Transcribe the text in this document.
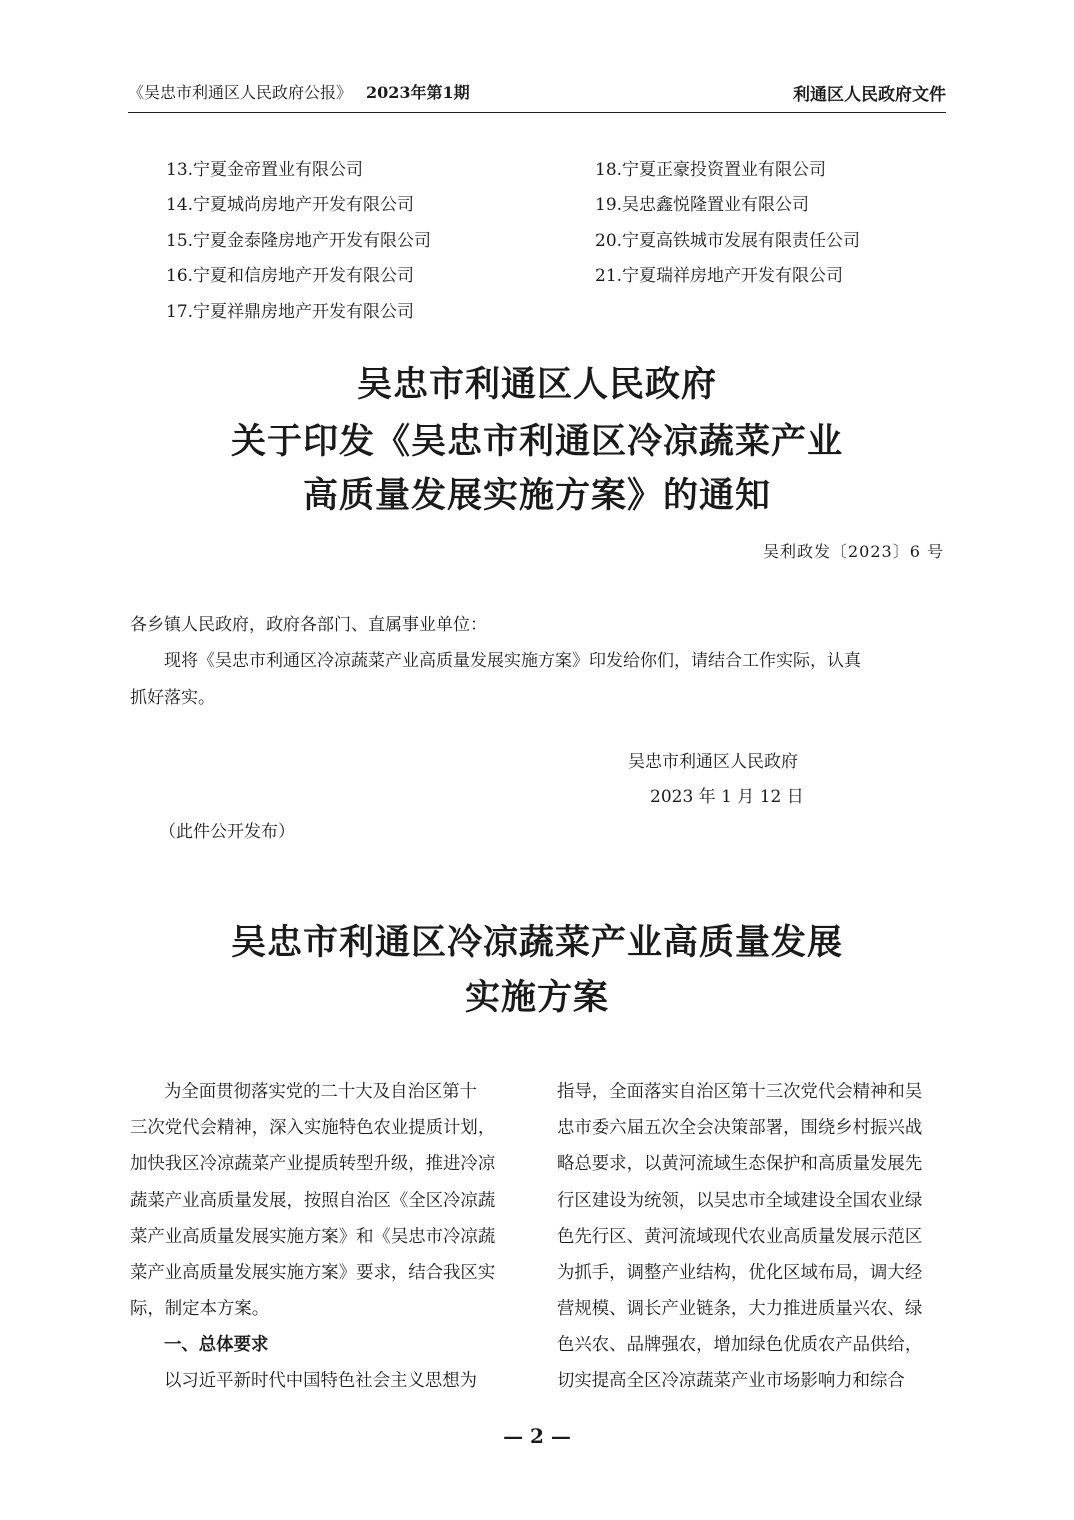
《吴忠市利通区人民政府公报》 2023年第1期	利通区人民政府文件
13.宁夏金帝置业有限公司
14.宁夏城尚房地产开发有限公司
15.宁夏金泰隆房地产开发有限公司
16.宁夏和信房地产开发有限公司
17.宁夏祥鼎房地产开发有限公司
18.宁夏正豪投资置业有限公司
19.吴忠鑫悦隆置业有限公司
20.宁夏高铁城市发展有限责任公司
21.宁夏瑞祥房地产开发有限公司
吴忠市利通区人民政府
关于印发《吴忠市利通区冷凉蔬菜产业
高质量发展实施方案》的通知
吴利政发〔2023〕6 号
各乡镇人民政府，政府各部门、直属事业单位：
现将《吴忠市利通区冷凉蔬菜产业高质量发展实施方案》印发给你们，请结合工作实际，认真
抓好落实。
吴忠市利通区人民政府
2023 年 1 月 12 日
（此件公开发布）
吴忠市利通区冷凉蔬菜产业高质量发展
实施方案
为全面贯彻落实党的二十大及自治区第十
三次党代会精神，深入实施特色农业提质计划，
加快我区冷凉蔬菜产业提质转型升级，推进冷凉
蔬菜产业高质量发展，按照自治区《全区冷凉蔬
菜产业高质量发展实施方案》和《吴忠市冷凉蔬
菜产业高质量发展实施方案》要求，结合我区实
际，制定本方案。
一、总体要求
以习近平新时代中国特色社会主义思想为
指导，全面落实自治区第十三次党代会精神和吴
忠市委六届五次全会决策部署，围绕乡村振兴战
略总要求，以黄河流域生态保护和高质量发展先
行区建设为统领，以吴忠市全域建设全国农业绿
色先行区、黄河流域现代农业高质量发展示范区
为抓手，调整产业结构，优化区域布局，调大经
营规模、调长产业链条，大力推进质量兴农、绿
色兴农、品牌强农，增加绿色优质农产品供给，
切实提高全区冷凉蔬菜产业市场影响力和综合
— 2 —
